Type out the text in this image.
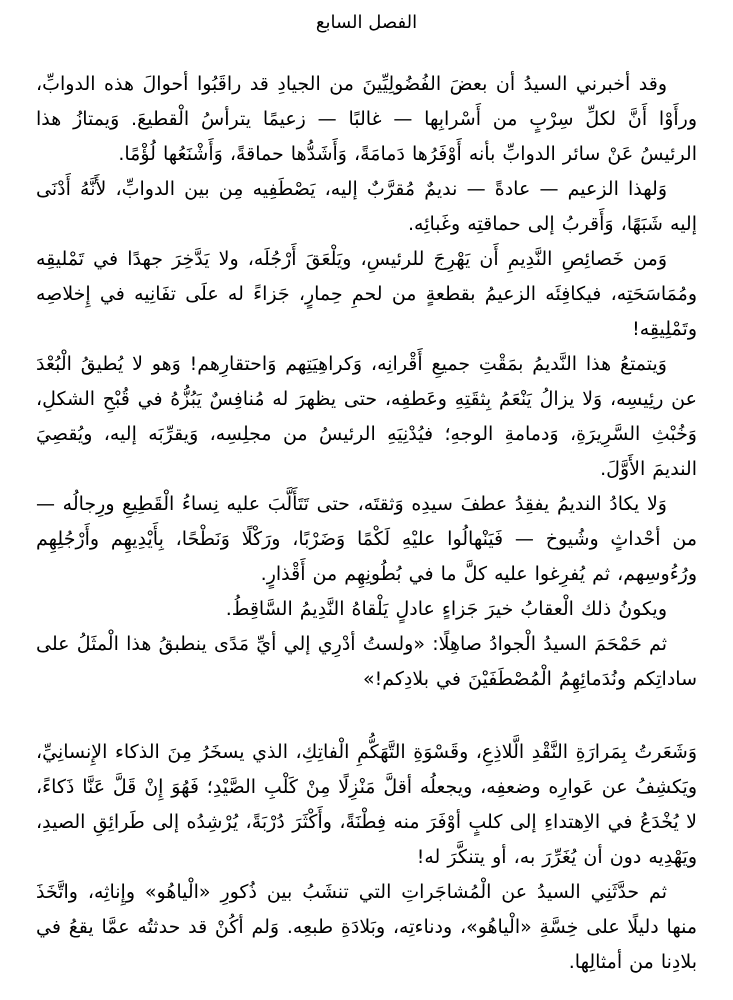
الفصل السابع

وقد أخبرني السيدُ أن بعضَ الفُضُولِيِّينَ من الجيادِ قد راقَبُوا أحوالَ هذه الدوابِّ، ورأَوْا أَنَّ لكلِّ سِرْبٍ من أَسْرابِها — غالبًا — زعيمًا يترأسُ الْقطيعَ. وَيمتازُ هذا الرئيسُ عَنْ سائر الدوابِّ بأنه أَوْفَرُها دَمامَةً، وَأَشَدُّها حماقةً، وَأَشْنَعُها لُؤْمًا.

وَلهذا الزعيم — عادةً — نديمٌ مُقرَّبٌ إليه، يَصْطَفِيه مِن بين الدوابِّ، لأَنَّهُ أَدْنَى إليه شَبَهًا، وَأَقربُ إلى حماقتِه وغَبائِه.

وَمن خَصائِصِ النَّدِيمِ أَن يَهْرِجَ للرئيسِ، ويَلْعَقَ أَرْجُلَه، ولا يَدَّخِرَ جهدًا في تَمْليقِه ومُمَاسَحَتِه، فيكافِئَه الزعيمُ بقطعةٍ من لحمِ حِمارٍ، جَزاءً له علَى تفَانِيه في إِخلاصِه وتَمْلِيقِه!

وَيتمتعُ هذا النَّديمُ بمَقْتِ جميعِ أَقْرانِه، وَكراهِيَتِهم وَاحتقارِهم! وَهو لا يُطيقُ الْبُعْدَ عن رئِيسِه، وَلا يزالُ يَنْعَمُ بِثقَتِهِ وعَطفِه، حتى يظهرَ له مُنافِسٌ يَبُزُّهُ في قُبْحِ الشكلِ، وَخُبْثِ السَّرِيرَةِ، وَدمامةِ الوجهِ؛ فيُدْنِيَهِ الرئيسُ من مجلِسِه، وَيقرِّبَه إليه، ويُقصِيَ النديمَ الأَوَّلَ.

وَلا يكادُ النديمُ يفقِدُ عطفَ سيدِه وَثقتَه، حتى تَتَأَلَّبَ عليه نِساءُ الْقَطِيعِ ورِجالُه — من أحْداثٍ وشُيوخ — فَيَنْهالُوا عليْهِ لَكْمًا وَضَرْبًا، ورَكْلًا وَنَطْحًا، بِأَيْدِيهِم وأَرْجُلِهِم ورُءُوسِهم، ثم يُفرِغوا عليه كلَّ ما في بُطُونِهِم من أَقْذارٍ.

ويكونُ ذلك الْعقابُ خيرَ جَزاءٍ عادلٍ يَلْقاهُ النَّدِيمُ السَّاقِطُ.

ثم حَمْحَمَ السيدُ الْجوادُ صاهِلًا: «ولستُ أدْرِي إلي أيِّ مَدًى ينطبقُ هذا الْمثَلُ على ساداتِكم ونُدَمائِهِمُ الْمُصْطَفَيْنَ في بلادِكم!»

وَشَعَرتُ بِمَرارَةِ النَّقْدِ الَّلاذِعِ، وقَسْوَةِ التَّهَكُّمِ الْفاتِكِ، الذي يسخَرُ مِنَ الذكاء الإِنسانِيِّ، ويَكشِفُ عن عَوارِه وضعفِه، ويجعلُه أقلَّ مَنْزِلًا مِنْ كَلْبِ الصَّيْدِ؛ فَهُوَ إِنْ قَلَّ عَنَّا ذَكاءً، لا يُخْدَعُ في الاِهتداءِ إلى كلبٍ أوْفَرَ منه فِطْنَةً، وأَكْثَرَ دُرْبَةً، يُرْشِدُه إلى طَرائِقِ الصيدِ، ويَهْدِيه دون أن يُغَرِّرَ به، أو يتنكَّرَ له!

ثم حدَّثَنِي السيدُ عن الْمُشاجَراتِ التي تنشَبُ بين ذُكورِ «الْياهُو» وإِناثِه، واتَّخَذَ منها دليلًا على خِسَّةِ «الْياهُو»، ودناءتِه، وبَلادَةِ طبعِه. وَلم أكُنْ قد حدثتُه عمَّا يقعُ في بلادِنا من أمثالِها.
